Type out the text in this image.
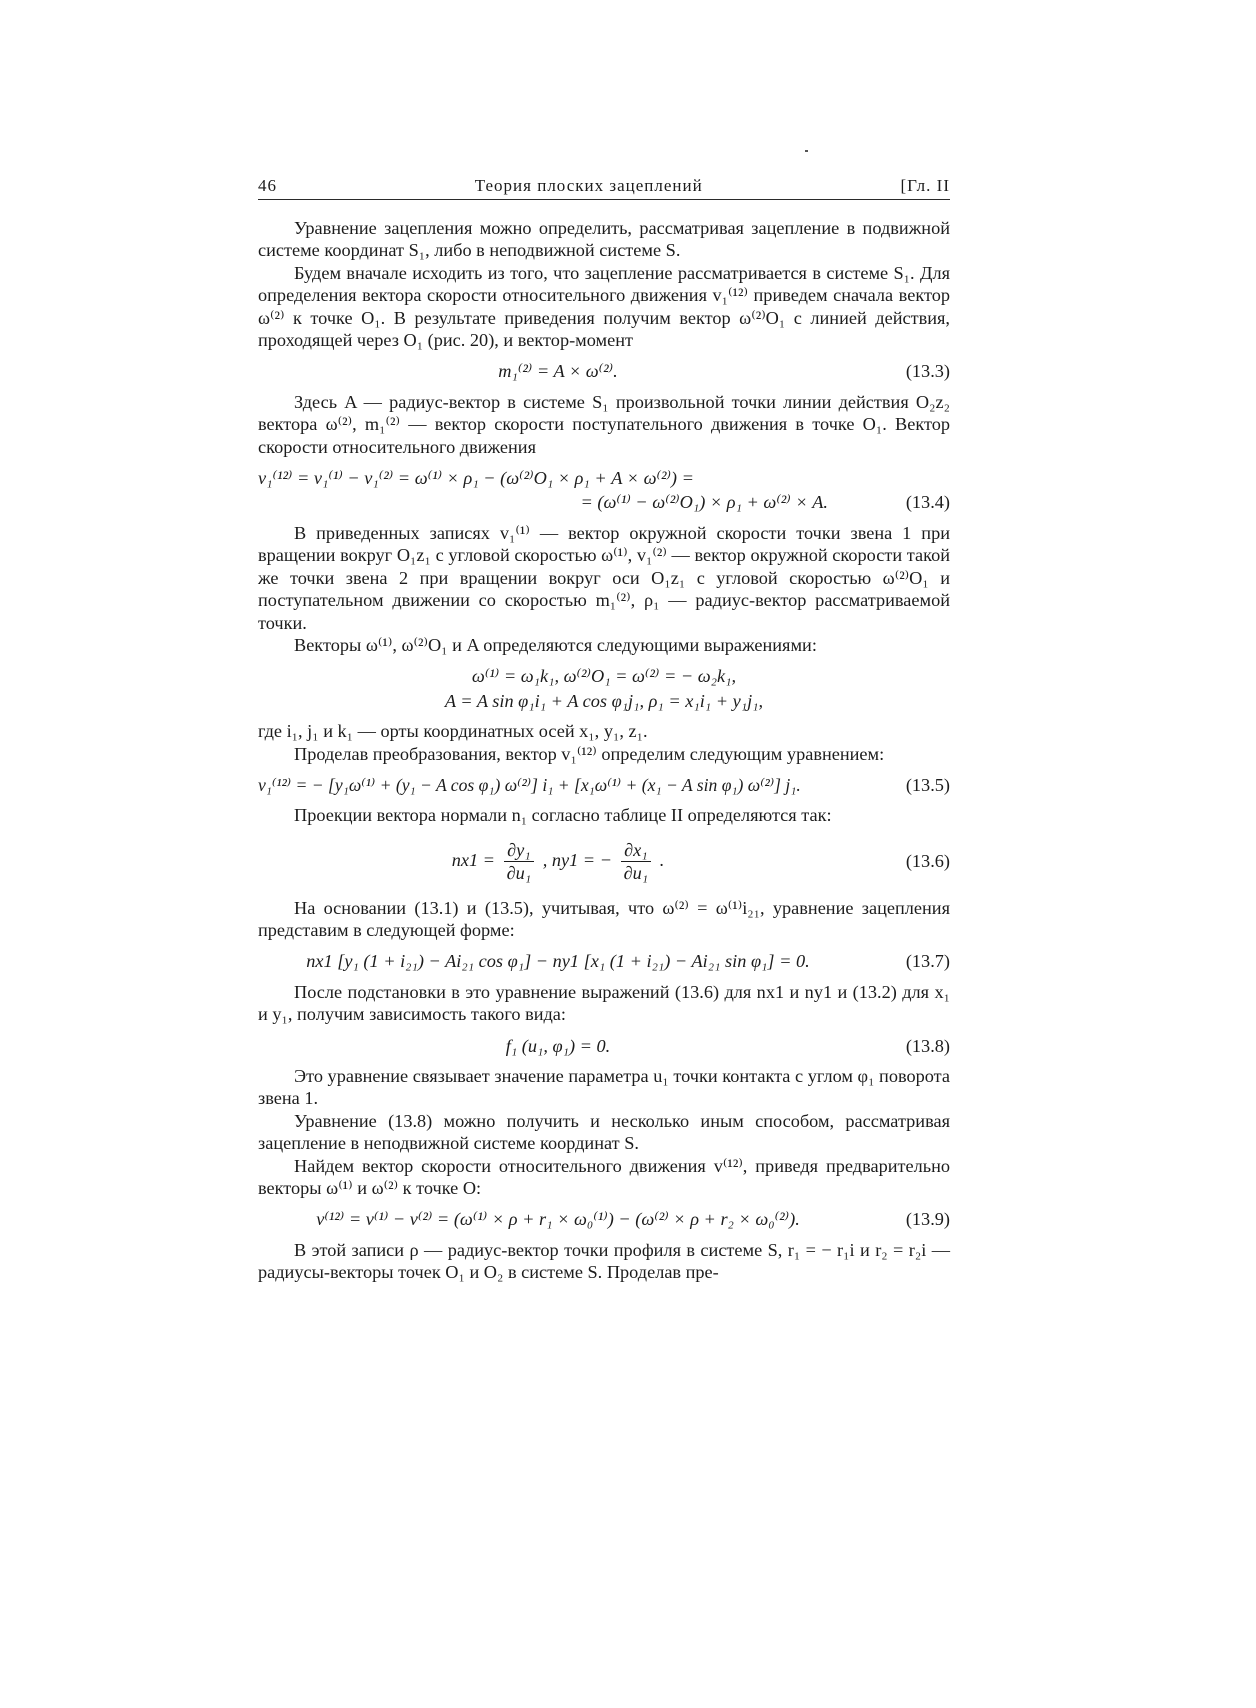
46	Теория плоских зацеплений	[Гл. II

Уравнение зацепления можно определить, рассматривая зацепление в подвижной системе координат S₁, либо в неподвижной системе S.

Будем вначале исходить из того, что зацепление рассматривается в системе S₁. Для определения вектора скорости относительного движения v₁⁽¹²⁾ приведем сначала вектор ω⁽²⁾ к точке O₁. В результате приведения получим вектор ω⁽²⁾O₁ с линией действия, проходящей через O₁ (рис. 20), и вектор-момент

m₁⁽²⁾ = A × ω⁽²⁾.	(13.3)

Здесь A — радиус-вектор в системе S₁ произвольной точки линии действия O₂z₂ вектора ω⁽²⁾, m₁⁽²⁾ — вектор скорости поступательного движения в точке O₁. Вектор скорости относительного движения

v₁⁽¹²⁾ = v₁⁽¹⁾ − v₁⁽²⁾ = ω⁽¹⁾ × ρ₁ − (ω⁽²⁾O₁ × ρ₁ + A × ω⁽²⁾) =
= (ω⁽¹⁾ − ω⁽²⁾O₁) × ρ₁ + ω⁽²⁾ × A.	(13.4)

В приведенных записях v₁⁽¹⁾ — вектор окружной скорости точки звена 1 при вращении вокруг O₁z₁ с угловой скоростью ω⁽¹⁾, v₁⁽²⁾ — вектор окружной скорости такой же точки звена 2 при вращении вокруг оси O₁z₁ с угловой скоростью ω⁽²⁾O₁ и поступательном движении со скоростью m₁⁽²⁾, ρ₁ — радиус-вектор рассматриваемой точки.

Векторы ω⁽¹⁾, ω⁽²⁾O₁ и A определяются следующими выражениями:

ω⁽¹⁾ = ω₁k₁, ω⁽²⁾O₁ = ω⁽²⁾ = − ω₂k₁,
A = A sin φ₁i₁ + A cos φ₁j₁, ρ₁ = x₁i₁ + y₁j₁,

где i₁, j₁ и k₁ — орты координатных осей x₁, y₁, z₁.

Проделав преобразования, вектор v₁⁽¹²⁾ определим следующим уравнением:

v₁⁽¹²⁾ = − [y₁ω⁽¹⁾ + (y₁ − A cos φ₁) ω⁽²⁾] i₁ + [x₁ω⁽¹⁾ + (x₁ − A sin φ₁) ω⁽²⁾] j₁.	(13.5)

Проекции вектора нормали n₁ согласно таблице II определяются так:

$nx1 = \frac{\text{∂y₁}}{\text{∂u₁}}$ , ny1 = − $\frac{\text{∂x₁}}{\text{∂u₁}}$ .	(13.6)

На основании (13.1) и (13.5), учитывая, что ω⁽²⁾ = ω⁽¹⁾i₂₁, уравнение зацепления представим в следующей форме:

nx1 [y₁ (1 + i₂₁) − Ai₂₁ cos φ₁] − ny1 [x₁ (1 + i₂₁) − Ai₂₁ sin φ₁] = 0.	(13.7)

После подстановки в это уравнение выражений (13.6) для nx1 и ny1 и (13.2) для x₁ и y₁, получим зависимость такого вида:

f₁ (u₁, φ₁) = 0.	(13.8)

Это уравнение связывает значение параметра u₁ точки контакта с углом φ₁ поворота звена 1.

Уравнение (13.8) можно получить и несколько иным способом, рассматривая зацепление в неподвижной системе координат S.

Найдем вектор скорости относительного движения v⁽¹²⁾, приведя предварительно векторы ω⁽¹⁾ и ω⁽²⁾ к точке O:

v⁽¹²⁾ = v⁽¹⁾ − v⁽²⁾ = (ω⁽¹⁾ × ρ + r₁ × ω₀⁽¹⁾) − (ω⁽²⁾ × ρ + r₂ × ω₀⁽²⁾).	(13.9)

В этой записи ρ — радиус-вектор точки профиля в системе S, r₁ = − r₁i и r₂ = r₂i — радиусы-векторы точек O₁ и O₂ в системе S. Проделав пре-
